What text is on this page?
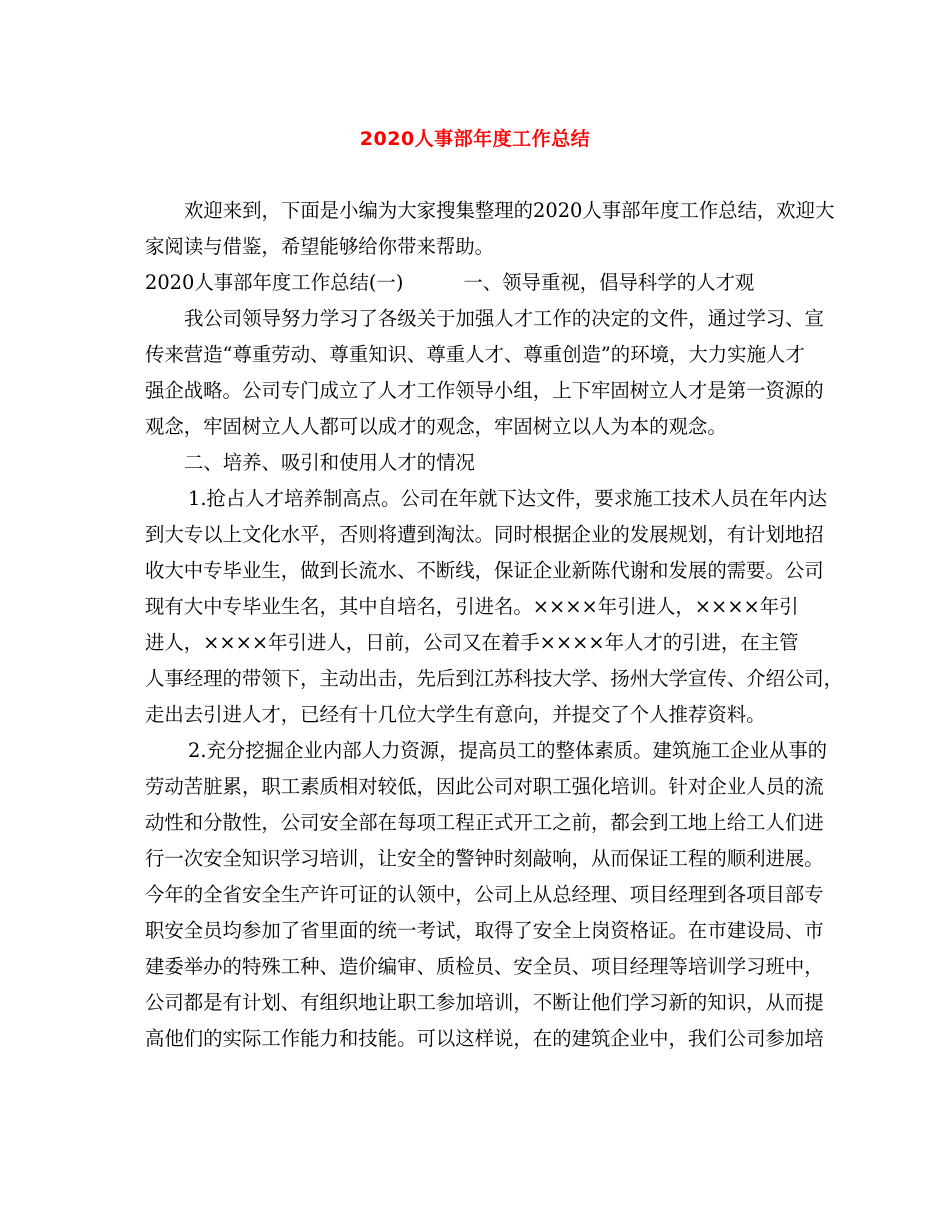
2020人事部年度工作总结
欢迎来到，下面是小编为大家搜集整理的2020人事部年度工作总结，欢迎大
家阅读与借鉴，希望能够给你带来帮助。
2020人事部年度工作总结(一)	一、领导重视，倡导科学的人才观
我公司领导努力学习了各级关于加强人才工作的决定的文件，通过学习、宣
传来营造“尊重劳动、尊重知识、尊重人才、尊重创造”的环境，大力实施人才
强企战略。公司专门成立了人才工作领导小组，上下牢固树立人才是第一资源的
观念，牢固树立人人都可以成才的观念，牢固树立以人为本的观念。
二、培养、吸引和使用人才的情况
1.抢占人才培养制高点。公司在年就下达文件，要求施工技术人员在年内达
到大专以上文化水平，否则将遭到淘汰。同时根据企业的发展规划，有计划地招
收大中专毕业生，做到长流水、不断线，保证企业新陈代谢和发展的需要。公司
现有大中专毕业生名，其中自培名，引进名。××××年引进人，××××年引
进人，××××年引进人，日前，公司又在着手××××年人才的引进，在主管
人事经理的带领下，主动出击，先后到江苏科技大学、扬州大学宣传、介绍公司，
走出去引进人才，已经有十几位大学生有意向，并提交了个人推荐资料。
2.充分挖掘企业内部人力资源，提高员工的整体素质。建筑施工企业从事的
劳动苦脏累，职工素质相对较低，因此公司对职工强化培训。针对企业人员的流
动性和分散性，公司安全部在每项工程正式开工之前，都会到工地上给工人们进
行一次安全知识学习培训，让安全的警钟时刻敲响，从而保证工程的顺利进展。
今年的全省安全生产许可证的认领中，公司上从总经理、项目经理到各项目部专
职安全员均参加了省里面的统一考试，取得了安全上岗资格证。在市建设局、市
建委举办的特殊工种、造价编审、质检员、安全员、项目经理等培训学习班中，
公司都是有计划、有组织地让职工参加培训，不断让他们学习新的知识，从而提
高他们的实际工作能力和技能。可以这样说，在的建筑企业中，我们公司参加培
